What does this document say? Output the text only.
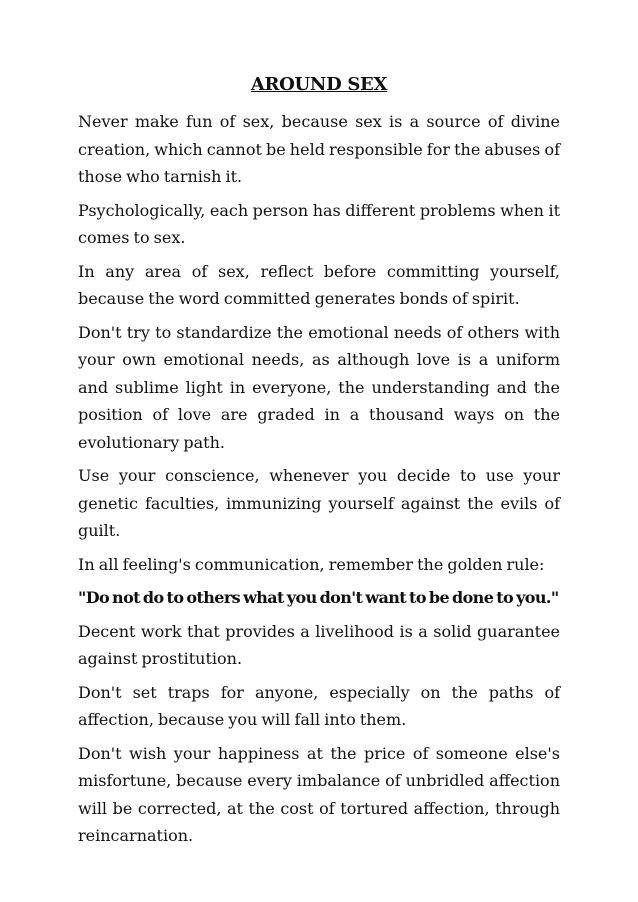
AROUND SEX

Never make fun of sex, because sex is a source of divine creation, which cannot be held responsible for the abuses of those who tarnish it.

Psychologically, each person has different problems when it comes to sex.

In any area of sex, reflect before committing yourself, because the word committed generates bonds of spirit.

Don't try to standardize the emotional needs of others with your own emotional needs, as although love is a uniform and sublime light in everyone, the understanding and the position of love are graded in a thousand ways on the evolutionary path.

Use your conscience, whenever you decide to use your genetic faculties, immunizing yourself against the evils of guilt.

In all feeling's communication, remember the golden rule:

"Do not do to others what you don't want to be done to you."

Decent work that provides a livelihood is a solid guarantee against prostitution.

Don't set traps for anyone, especially on the paths of affection, because you will fall into them.

Don't wish your happiness at the price of someone else's misfortune, because every imbalance of unbridled affection will be corrected, at the cost of tortured affection, through reincarnation.
